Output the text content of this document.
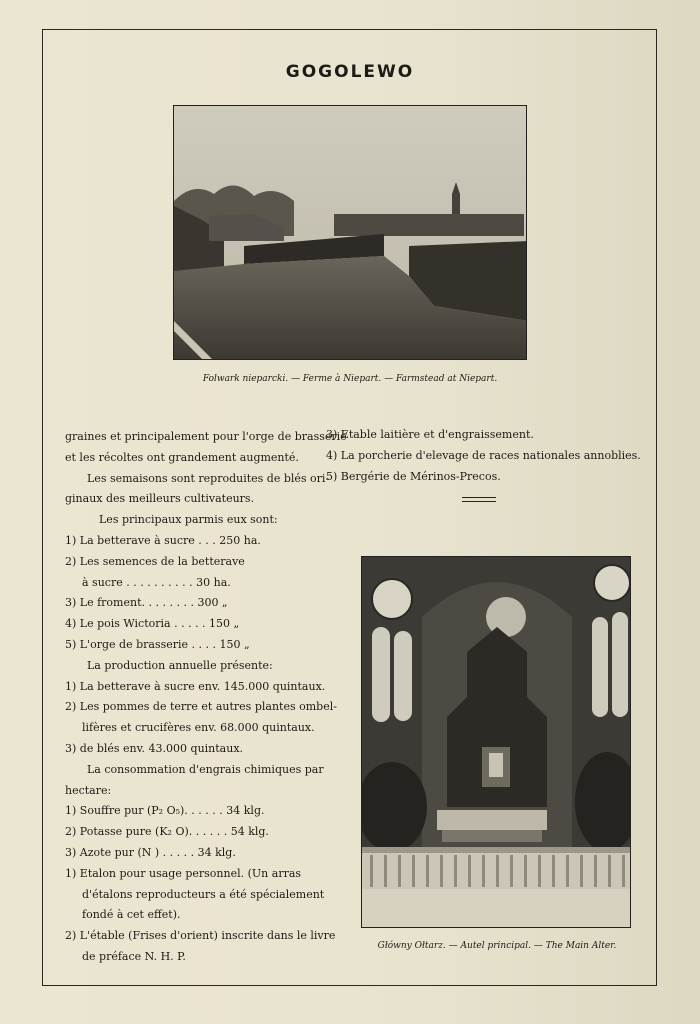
GOGOLEWO
Folwark nieparcki. — Ferme à Niepart. — Farmstead at Niepart.
graines et principalement pour l'orge de brasserie
et les récoltes ont grandement augmenté.
Les semaisons sont reproduites de blés ori-
ginaux des meilleurs cultivateurs.
Les principaux parmis eux sont:
1) La betterave à sucre . . . 250 ha.
2) Les semences de la betterave
à sucre . . . . . . . . . . 30 ha.
3) Le froment. . . . . . . . 300 „
4) Le pois Wictoria . . . . . 150 „
5) L'orge de brasserie . . . . 150 „
La production annuelle présente:
1) La betterave à sucre env. 145.000 quintaux.
2) Les pommes de terre et autres plantes ombel-
lifères et crucifères env. 68.000 quintaux.
3) de blés env. 43.000 quintaux.
La consommation d'engrais chimiques par
hectare:
1) Souffre pur (P₂ O₅). . . . . . 34 klg.
2) Potasse pure (K₂ O). . . . . . 54 klg.
3) Azote pur (N ) . . . . . 34 klg.
1) Etalon pour usage personnel. (Un arras
d'étalons reproducteurs a été spécialement
fondé à cet effet).
2) L'étable (Frises d'orient) inscrite dans le livre
de préface N. H. P.
3) Etable laitière et d'engraissement.
4) La porcherie d'elevage de races nationales annoblies.
5) Bergérie de Mérinos-Precos.
Główny Ołtarz. — Autel principal. — The Main Alter.
